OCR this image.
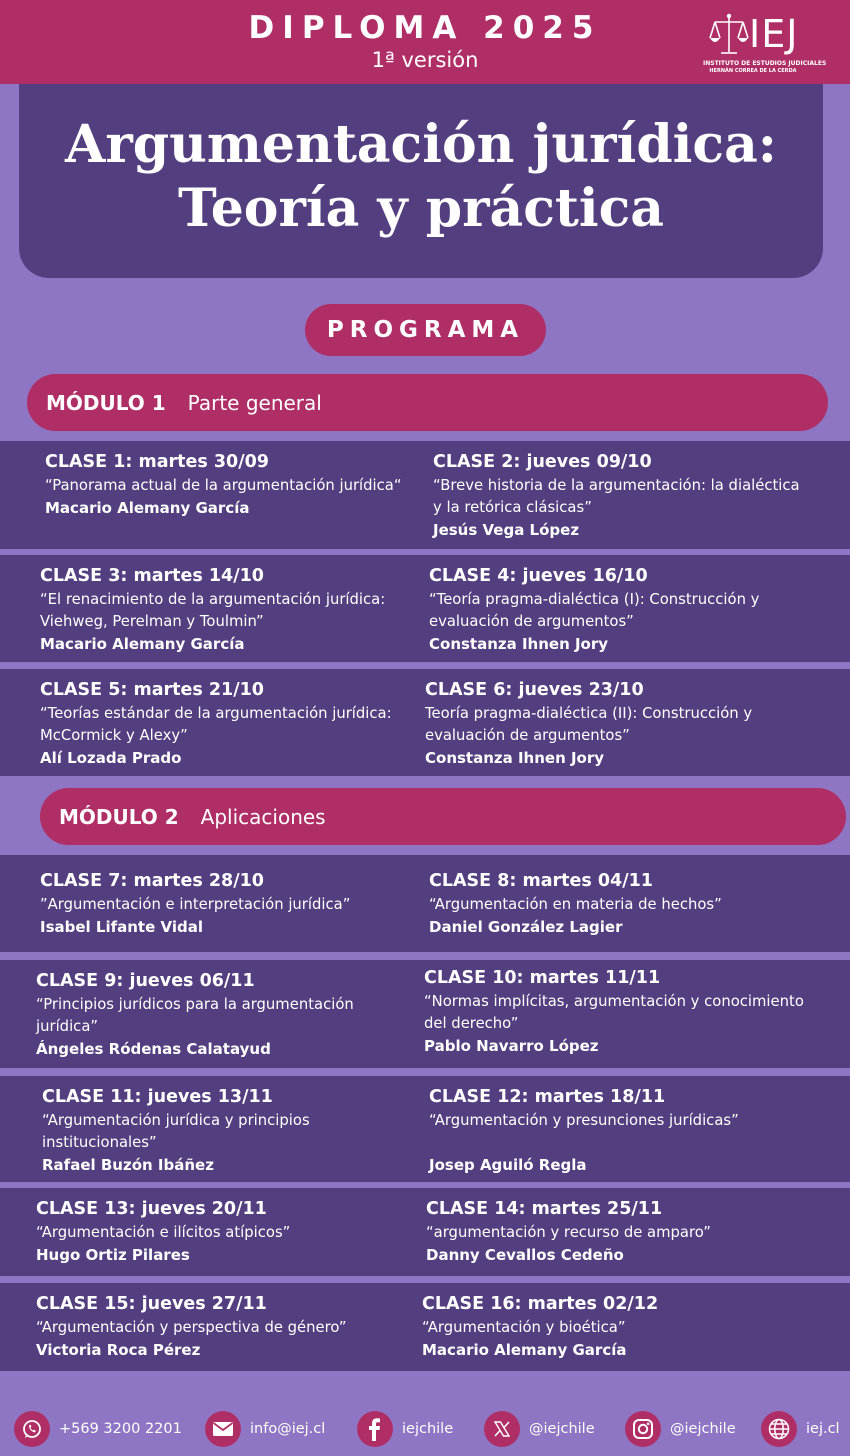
DIPLOMA 2025
1ª versión
IEJ
INSTITUTO DE ESTUDIOS JUDICIALES
HERNÁN CORREA DE LA CERDA
Argumentación jurídica:
Teoría y práctica
PROGRAMA
MÓDULO 1 Parte general
CLASE 1: martes 30/09
“Panorama actual de la argumentación jurídica“
Macario Alemany García
CLASE 2: jueves 09/10
“Breve historia de la argumentación: la dialéctica y la retórica clásicas”
Jesús Vega López
CLASE 3: martes 14/10
“El renacimiento de la argumentación jurídica: Viehweg, Perelman y Toulmin”
Macario Alemany García
CLASE 4: jueves 16/10
“Teoría pragma-dialéctica (I): Construcción y evaluación de argumentos”
Constanza Ihnen Jory
CLASE 5: martes 21/10
“Teorías estándar de la argumentación jurídica: McCormick y Alexy”
Alí Lozada Prado
CLASE 6: jueves 23/10
Teoría pragma-dialéctica (II): Construcción y evaluación de argumentos”
Constanza Ihnen Jory
MÓDULO 2 Aplicaciones
CLASE 7: martes 28/10
”Argumentación e interpretación jurídica”
Isabel Lifante Vidal
CLASE 8: martes 04/11
“Argumentación en materia de hechos”
Daniel González Lagier
CLASE 9: jueves 06/11
“Principios jurídicos para la argumentación jurídica”
Ángeles Ródenas Calatayud
CLASE 10: martes 11/11
“Normas implícitas, argumentación y conocimiento del derecho”
Pablo Navarro López
CLASE 11: jueves 13/11
“Argumentación jurídica y principios institucionales”
Rafael Buzón Ibáñez
CLASE 12: martes 18/11
“Argumentación y presunciones jurídicas”
Josep Aguiló Regla
CLASE 13: jueves 20/11
“Argumentación e ilícitos atípicos”
Hugo Ortiz Pilares
CLASE 14: martes 25/11
“argumentación y recurso de amparo”
Danny Cevallos Cedeño
CLASE 15: jueves 27/11
“Argumentación y perspectiva de género”
Victoria Roca Pérez
CLASE 16: martes 02/12
“Argumentación y bioética”
Macario Alemany García
+569 3200 2201	info@iej.cl	iejchile	@iejchile	@iejchile	iej.cl
